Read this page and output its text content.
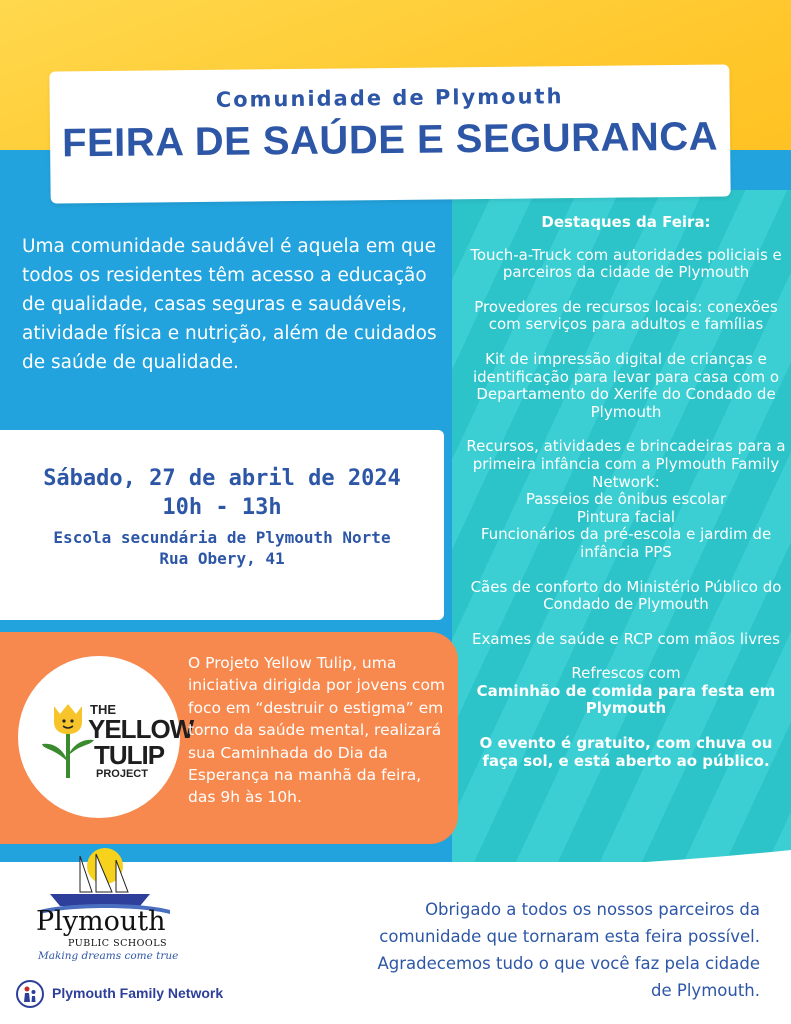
Comunidade de Plymouth
FEIRA DE SAÚDE E SEGURANCA
Uma comunidade saudável é aquela em que todos os residentes têm acesso a educação de qualidade, casas seguras e saudáveis, atividade física e nutrição, além de cuidados de saúde de qualidade.
Sábado, 27 de abril de 2024
10h - 13h
Escola secundária de Plymouth Norte
Rua Obery, 41
THE
YELLOW
TULIP
PROJECT
O Projeto Yellow Tulip, uma iniciativa dirigida por jovens com foco em “destruir o estigma” em torno da saúde mental, realizará sua Caminhada do Dia da Esperança na manhã da feira, das 9h às 10h.
Destaques da Feira:
Touch-a-Truck com autoridades policiais e parceiros da cidade de Plymouth
Provedores de recursos locais: conexões com serviços para adultos e famílias
Kit de impressão digital de crianças e identificação para levar para casa com o Departamento do Xerife do Condado de Plymouth
Recursos, atividades e brincadeiras para a primeira infância com a Plymouth Family Network:
Passeios de ônibus escolar
Pintura facial
Funcionários da pré-escola e jardim de infância PPS
Cães de conforto do Ministério Público do Condado de Plymouth
Exames de saúde e RCP com mãos livres
Refrescos com
Caminhão de comida para festa em Plymouth
O evento é gratuito, com chuva ou faça sol, e está aberto ao público.
Plymouth
PUBLIC SCHOOLS
Making dreams come true
Plymouth Family Network
Obrigado a todos os nossos parceiros da comunidade que tornaram esta feira possível. Agradecemos tudo o que você faz pela cidade de Plymouth.
